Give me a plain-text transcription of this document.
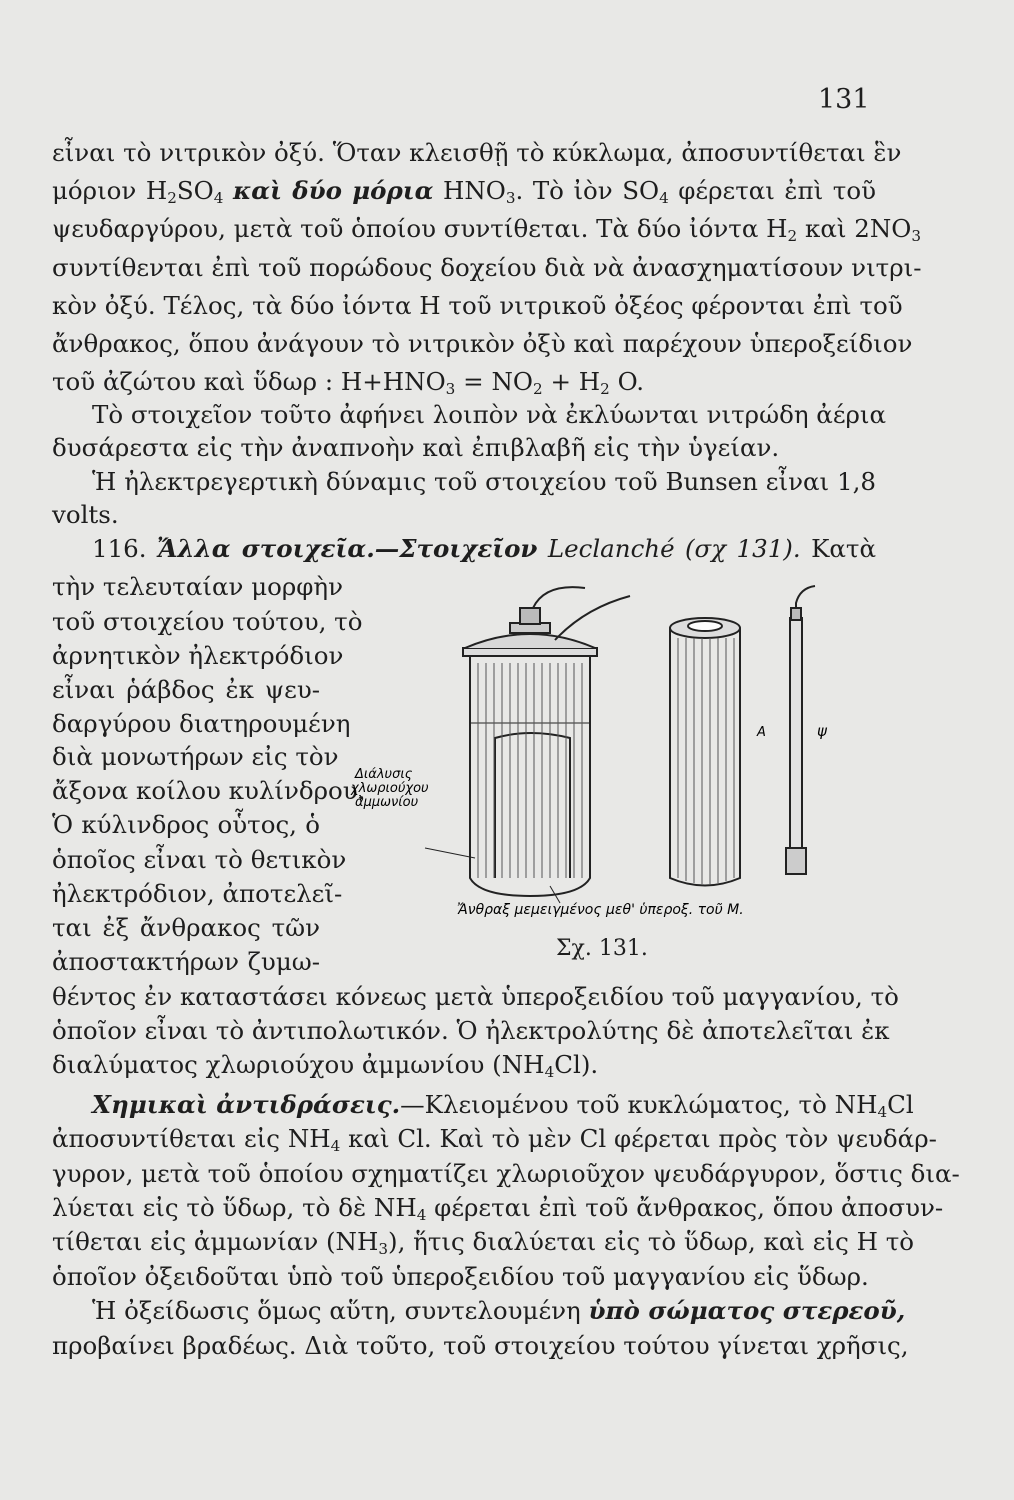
131
εἶναι τὸ νιτρικὸν ὀξύ. Ὅταν κλεισθῇ τὸ κύκλωμα, ἀποσυντίθεται ἓν
μόριον $H_2SO_4$ καὶ δύο μόρια $HNO_3$. Τὸ ἰὸν $SO_4$ φέρεται ἐπὶ τοῦ
ψευδαργύρου, μετὰ τοῦ ὁποίου συντίθεται. Τὰ δύο ἰόντα $H_2$ καὶ $2NO_3$
συντίθενται ἐπὶ τοῦ πορώδους δοχείου διὰ νὰ ἀνασχηματίσουν νιτρι-
κὸν ὀξύ. Τέλος, τὰ δύο ἰόντα H τοῦ νιτρικοῦ ὀξέος φέρονται ἐπὶ τοῦ
ἄνθρακος, ὅπου ἀνάγουν τὸ νιτρικὸν ὀξὺ καὶ παρέχουν ὑπεροξείδιον
τοῦ ἀζώτου καὶ ὕδωρ : $H+HNO_3 = NO_2 + H_2$ O.
Τὸ στοιχεῖον τοῦτο ἀφήνει λοιπὸν νὰ ἐκλύωνται νιτρώδη ἀέρια
δυσάρεστα εἰς τὴν ἀναπνοὴν καὶ ἐπιβλαβῆ εἰς τὴν ὑγείαν.
Ἡ ἠλεκτρεγερτικὴ δύναμις τοῦ στοιχείου τοῦ Bunsen εἶναι 1,8
volts.
116. Ἄλλα στοιχεῖα.—Στοιχεῖον Leclanché (σχ 131). Κατὰ
τὴν τελευταίαν μορφὴν
τοῦ στοιχείου τούτου, τὸ
ἀρνητικὸν ἠλεκτρόδιον
εἶναι ῥάβδος ἐκ ψευ-
δαργύρου διατηρουμένη
διὰ μονωτήρων εἰς τὸν
ἄξονα κοίλου κυλίνδρου.
Ὁ κύλινδρος οὗτος, ὁ
ὁποῖος εἶναι τὸ θετικὸν
ἠλεκτρόδιον, ἀποτελεῖ-
ται ἐξ ἄνθρακος τῶν
ἀποστακτήρων ζυμω-
θέντος ἐν καταστάσει κόνεως μετὰ ὑπεροξειδίου τοῦ μαγγανίου, τὸ
ὁποῖον εἶναι τὸ ἀντιπολωτικόν. Ὁ ἠλεκτρολύτης δὲ ἀποτελεῖται ἐκ
διαλύματος χλωριούχου ἀμμωνίου $(NH_4Cl)$.
Χημικαὶ ἀντιδράσεις.—Κλειομένου τοῦ κυκλώματος, τὸ $NH_4Cl$
ἀποσυντίθεται εἰς $NH_4$ καὶ Cl. Καὶ τὸ μὲν Cl φέρεται πρὸς τὸν ψευδάρ-
γυρον, μετὰ τοῦ ὁποίου σχηματίζει χλωριοῦχον ψευδάργυρον, ὅστις δια-
λύεται εἰς τὸ ὕδωρ, τὸ δὲ $NH_4$ φέρεται ἐπὶ τοῦ ἄνθρακος, ὅπου ἀποσυν-
τίθεται εἰς ἀμμωνίαν $(NH_3)$, ἥτις διαλύεται εἰς τὸ ὕδωρ, καὶ εἰς H τὸ
ὁποῖον ὀξειδοῦται ὑπὸ τοῦ ὑπεροξειδίου τοῦ μαγγανίου εἰς ὕδωρ.
Ἡ ὀξείδωσις ὅμως αὕτη, συντελουμένη ὑπὸ σώματος στερεοῦ,
προβαίνει βραδέως. Διὰ τοῦτο, τοῦ στοιχείου τούτου γίνεται χρῆσις,
A	ψ
Διάλυσις
χλωριούχου
ἀμμωνίου
Ἄνθραξ μεμειγμένος μεθ' ὑπεροξ. τοῦ Μ.
Σχ. 131.
